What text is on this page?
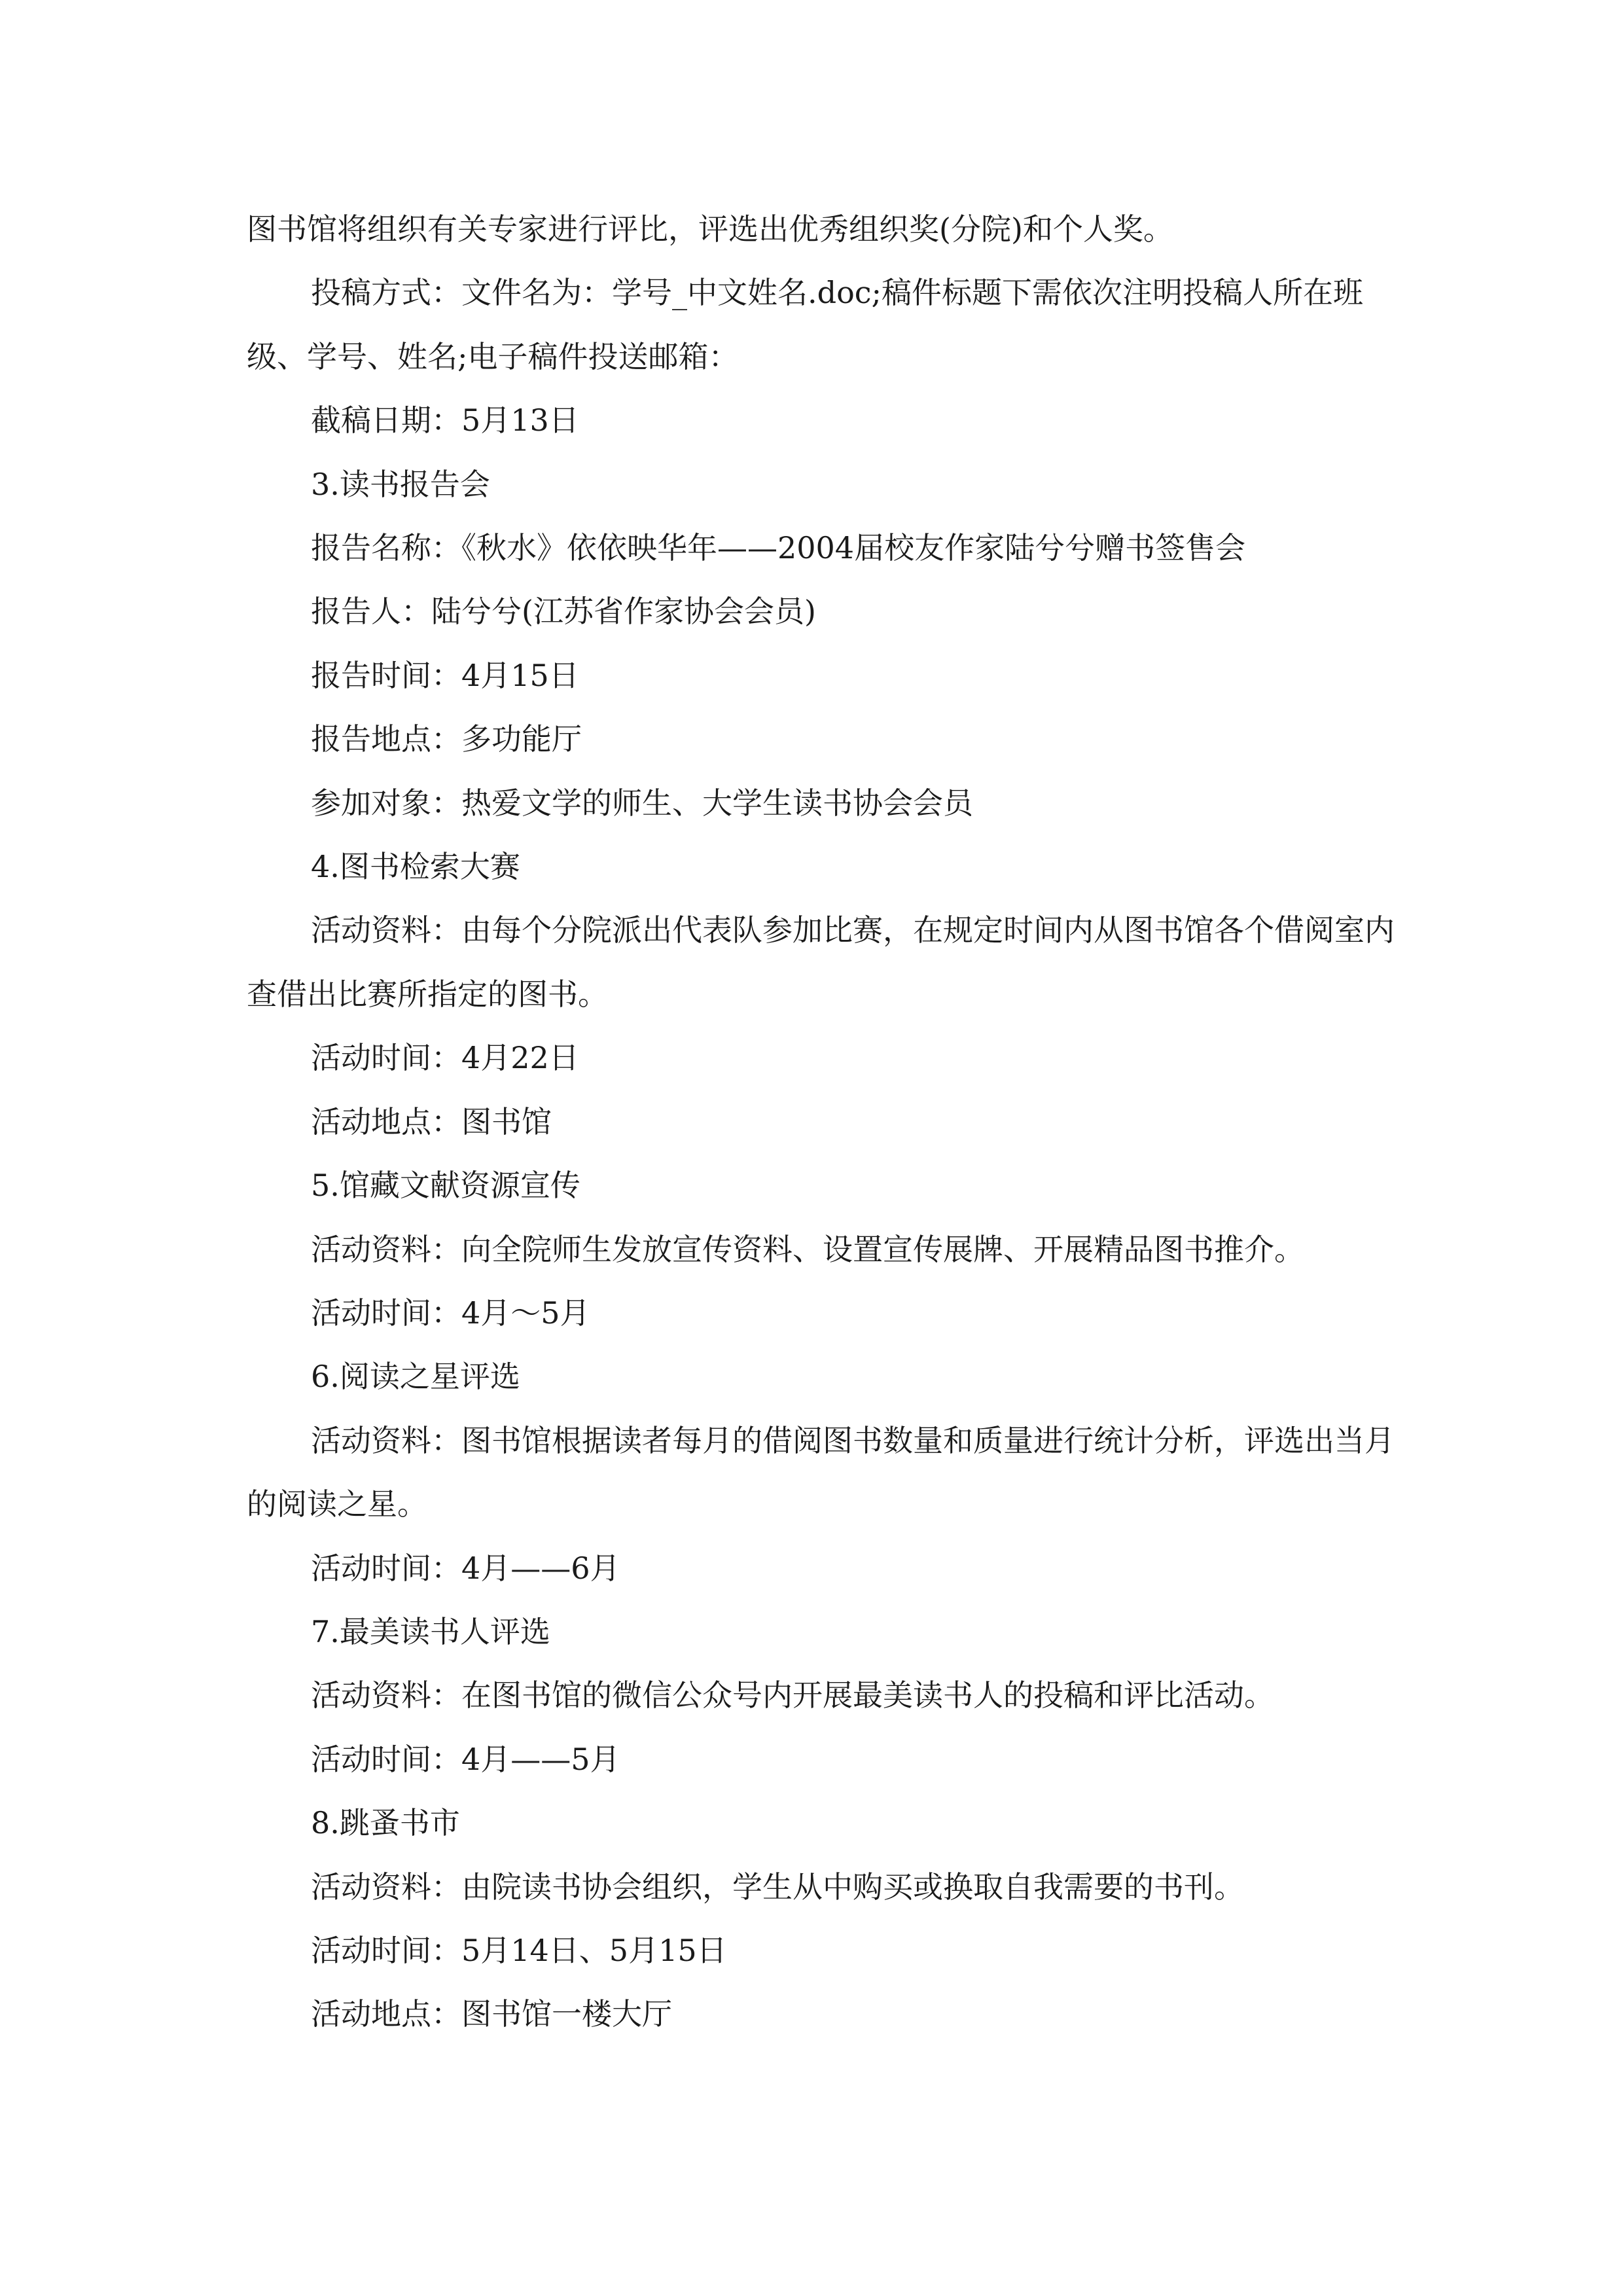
图书馆将组织有关专家进行评比，评选出优秀组织奖(分院)和个人奖。

投稿方式：文件名为：学号_中文姓名.doc;稿件标题下需依次注明投稿人所在班级、学号、姓名;电子稿件投送邮箱：

截稿日期：5月13日

3.读书报告会

报告名称：《秋水》依依映华年——2004届校友作家陆兮兮赠书签售会

报告人：陆兮兮(江苏省作家协会会员)

报告时间：4月15日

报告地点：多功能厅

参加对象：热爱文学的师生、大学生读书协会会员

4.图书检索大赛

活动资料：由每个分院派出代表队参加比赛，在规定时间内从图书馆各个借阅室内查借出比赛所指定的图书。

活动时间：4月22日

活动地点：图书馆

5.馆藏文献资源宣传

活动资料：向全院师生发放宣传资料、设置宣传展牌、开展精品图书推介。

活动时间：4月～5月

6.阅读之星评选

活动资料：图书馆根据读者每月的借阅图书数量和质量进行统计分析，评选出当月的阅读之星。

活动时间：4月——6月

7.最美读书人评选

活动资料：在图书馆的微信公众号内开展最美读书人的投稿和评比活动。

活动时间：4月——5月

8.跳蚤书市

活动资料：由院读书协会组织，学生从中购买或换取自我需要的书刊。

活动时间：5月14日、5月15日

活动地点：图书馆一楼大厅
